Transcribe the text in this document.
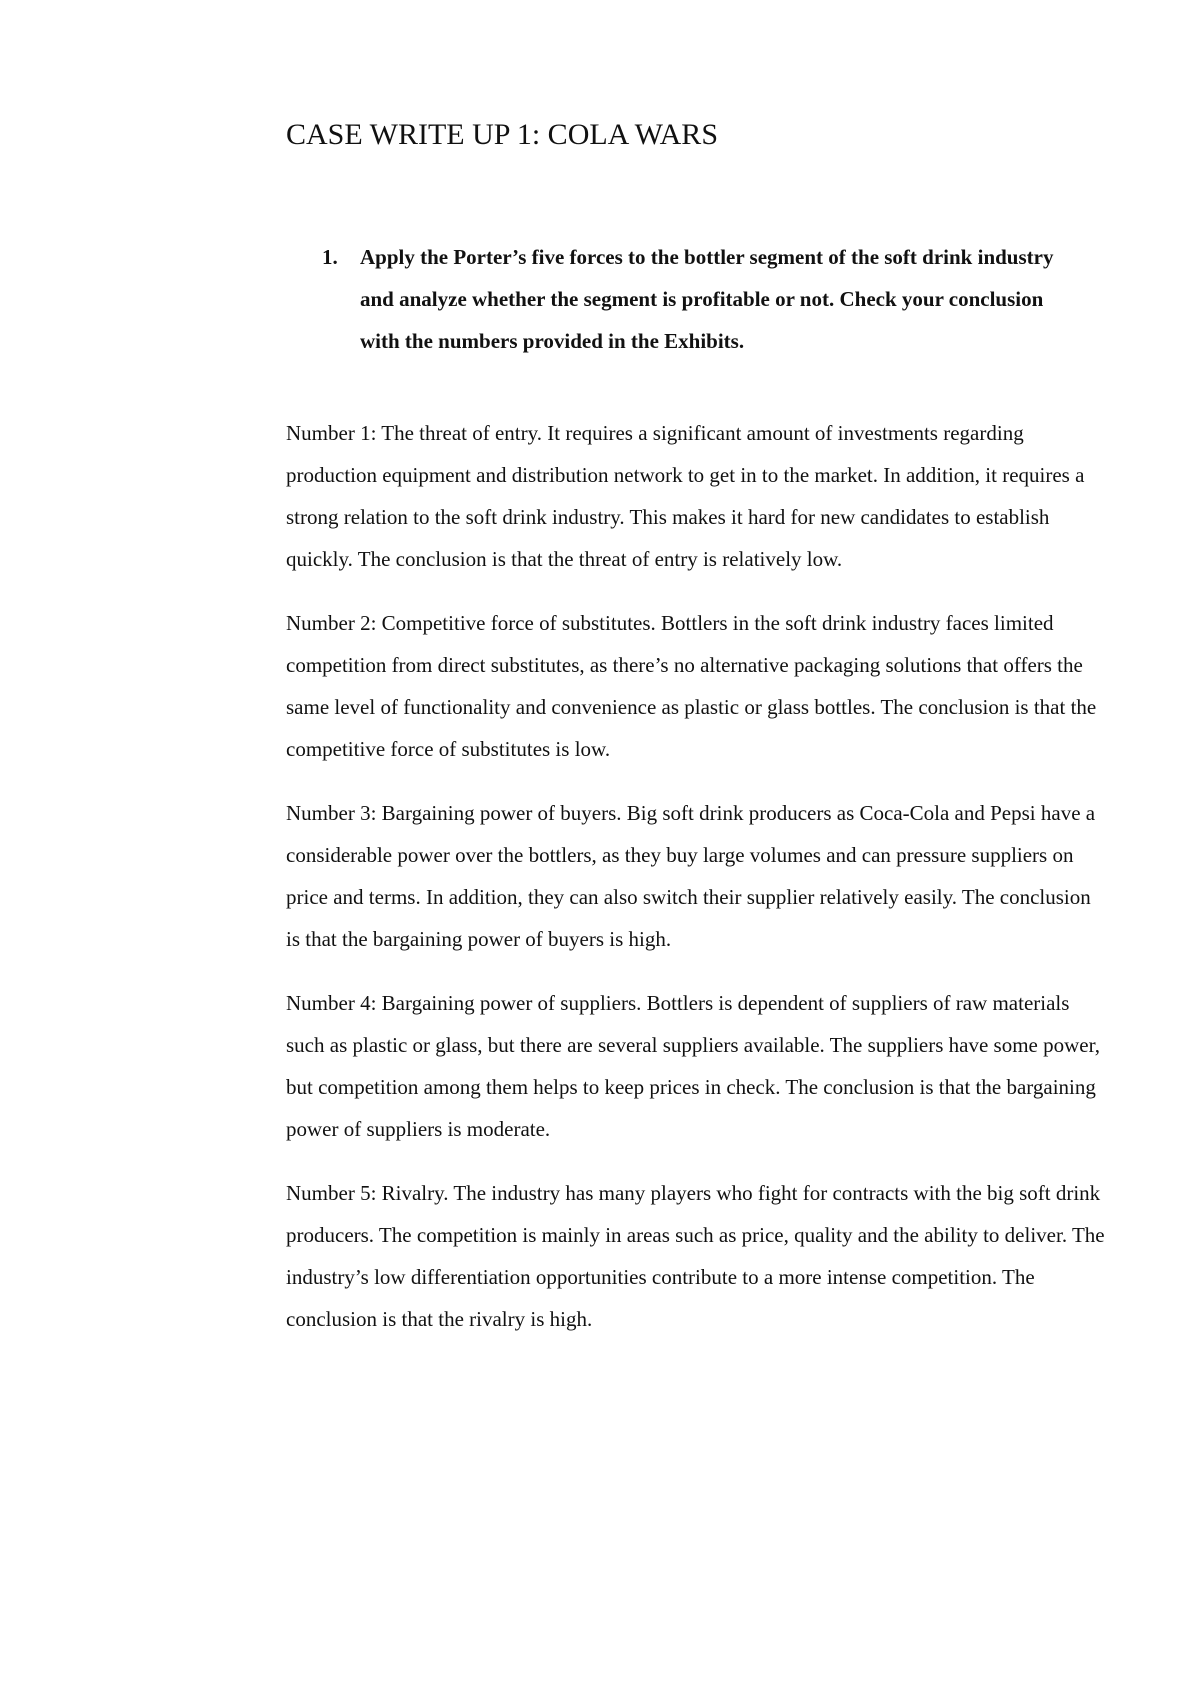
CASE WRITE UP 1: COLA WARS
1. Apply the Porter’s five forces to the bottler segment of the soft drink industry and analyze whether the segment is profitable or not. Check your conclusion with the numbers provided in the Exhibits.

Number 1: The threat of entry. It requires a significant amount of investments regarding production equipment and distribution network to get in to the market. In addition, it requires a strong relation to the soft drink industry. This makes it hard for new candidates to establish quickly. The conclusion is that the threat of entry is relatively low.

Number 2: Competitive force of substitutes. Bottlers in the soft drink industry faces limited competition from direct substitutes, as there’s no alternative packaging solutions that offers the same level of functionality and convenience as plastic or glass bottles. The conclusion is that the competitive force of substitutes is low.

Number 3: Bargaining power of buyers. Big soft drink producers as Coca-Cola and Pepsi have a considerable power over the bottlers, as they buy large volumes and can pressure suppliers on price and terms. In addition, they can also switch their supplier relatively easily. The conclusion is that the bargaining power of buyers is high.

Number 4: Bargaining power of suppliers. Bottlers is dependent of suppliers of raw materials such as plastic or glass, but there are several suppliers available. The suppliers have some power, but competition among them helps to keep prices in check. The conclusion is that the bargaining power of suppliers is moderate.

Number 5: Rivalry. The industry has many players who fight for contracts with the big soft drink producers. The competition is mainly in areas such as price, quality and the ability to deliver. The industry’s low differentiation opportunities contribute to a more intense competition. The conclusion is that the rivalry is high.
